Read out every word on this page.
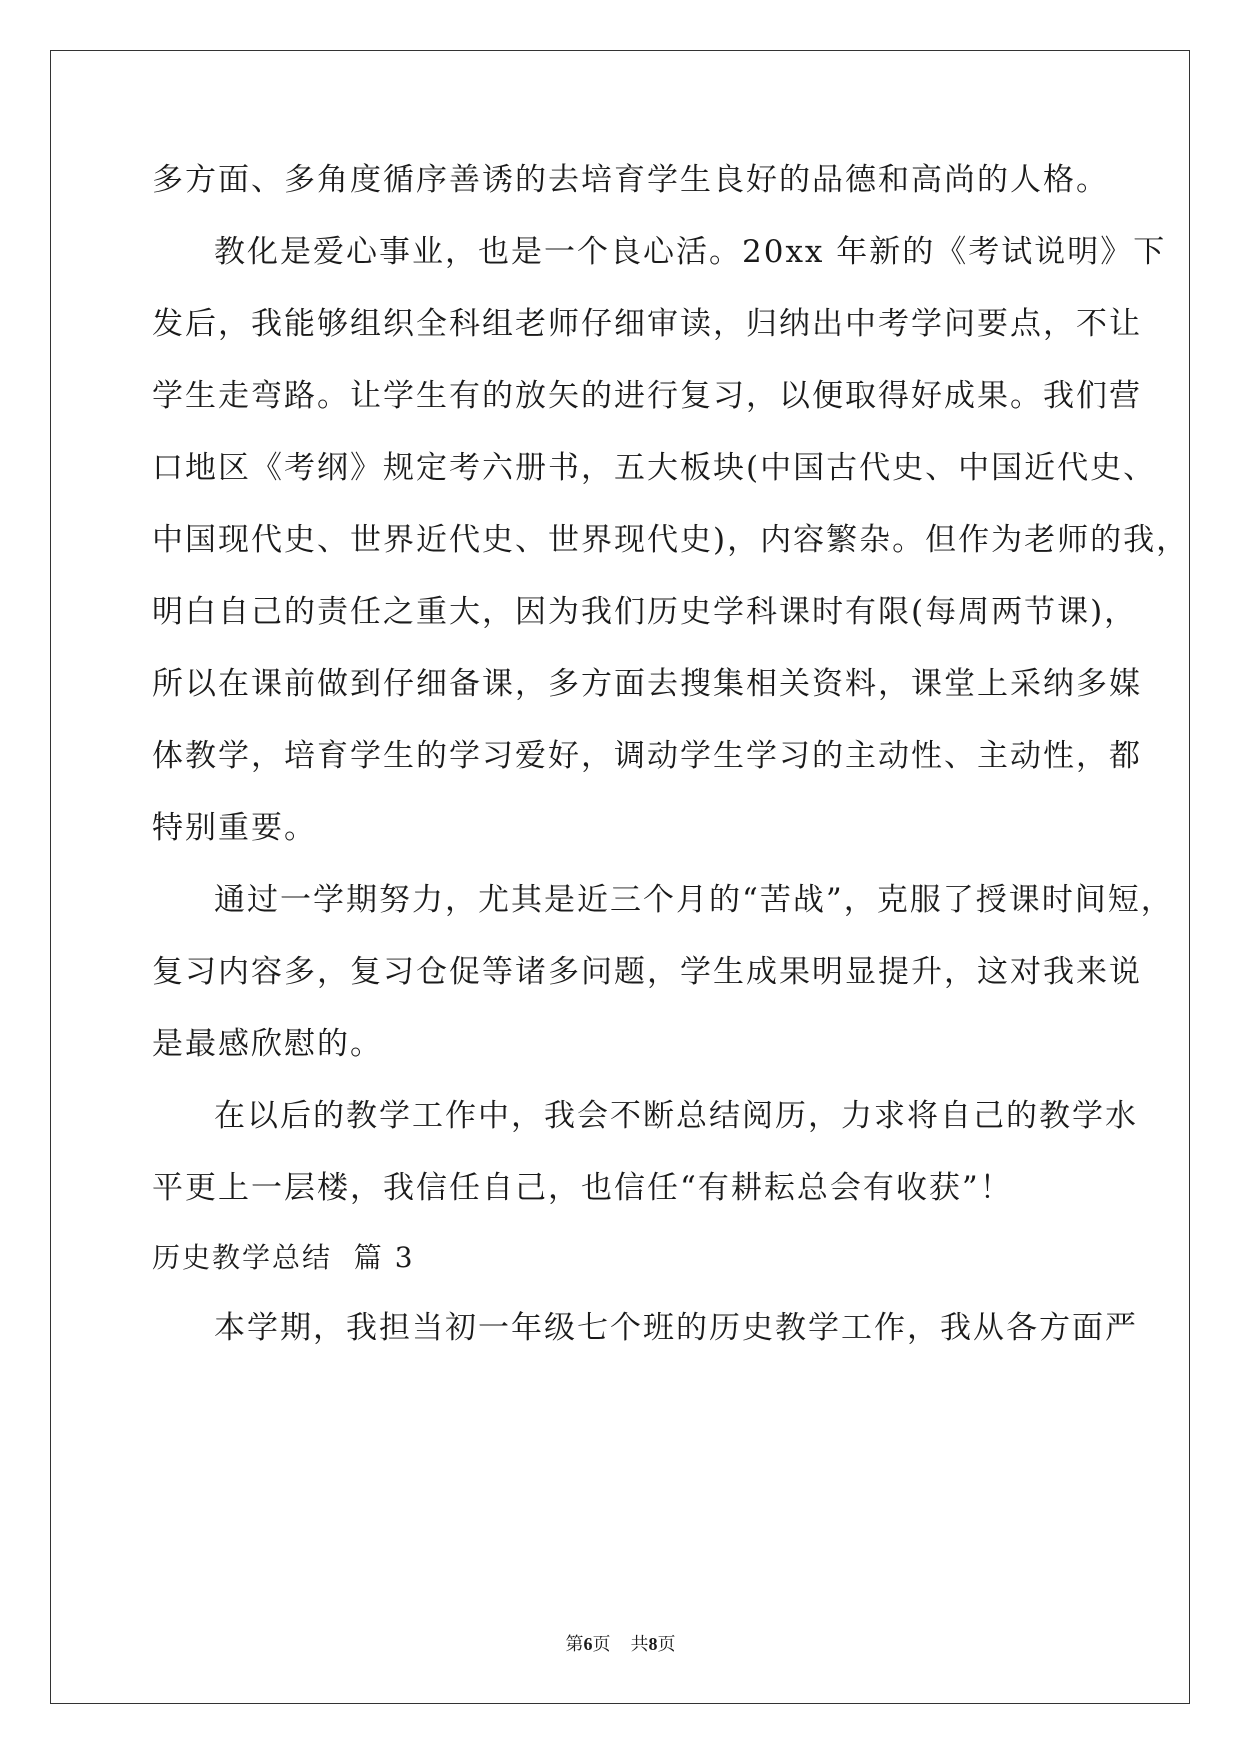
多方面、多角度循序善诱的去培育学生良好的品德和高尚的人格。
教化是爱心事业，也是一个良心活。20xx 年新的《考试说明》下
发后，我能够组织全科组老师仔细审读，归纳出中考学问要点，不让
学生走弯路。让学生有的放矢的进行复习，以便取得好成果。我们营
口地区《考纲》规定考六册书，五大板块(中国古代史、中国近代史、
中国现代史、世界近代史、世界现代史)，内容繁杂。但作为老师的我，
明白自己的责任之重大，因为我们历史学科课时有限(每周两节课)，
所以在课前做到仔细备课，多方面去搜集相关资料，课堂上采纳多媒
体教学，培育学生的学习爱好，调动学生学习的主动性、主动性，都
特别重要。
通过一学期努力，尤其是近三个月的“苦战”，克服了授课时间短，
复习内容多，复习仓促等诸多问题，学生成果明显提升，这对我来说
是最感欣慰的。
在以后的教学工作中，我会不断总结阅历，力求将自己的教学水
平更上一层楼，我信任自己，也信任“有耕耘总会有收获”！
历史教学总结  篇 3
本学期，我担当初一年级七个班的历史教学工作，我从各方面严
第6页 共8页
